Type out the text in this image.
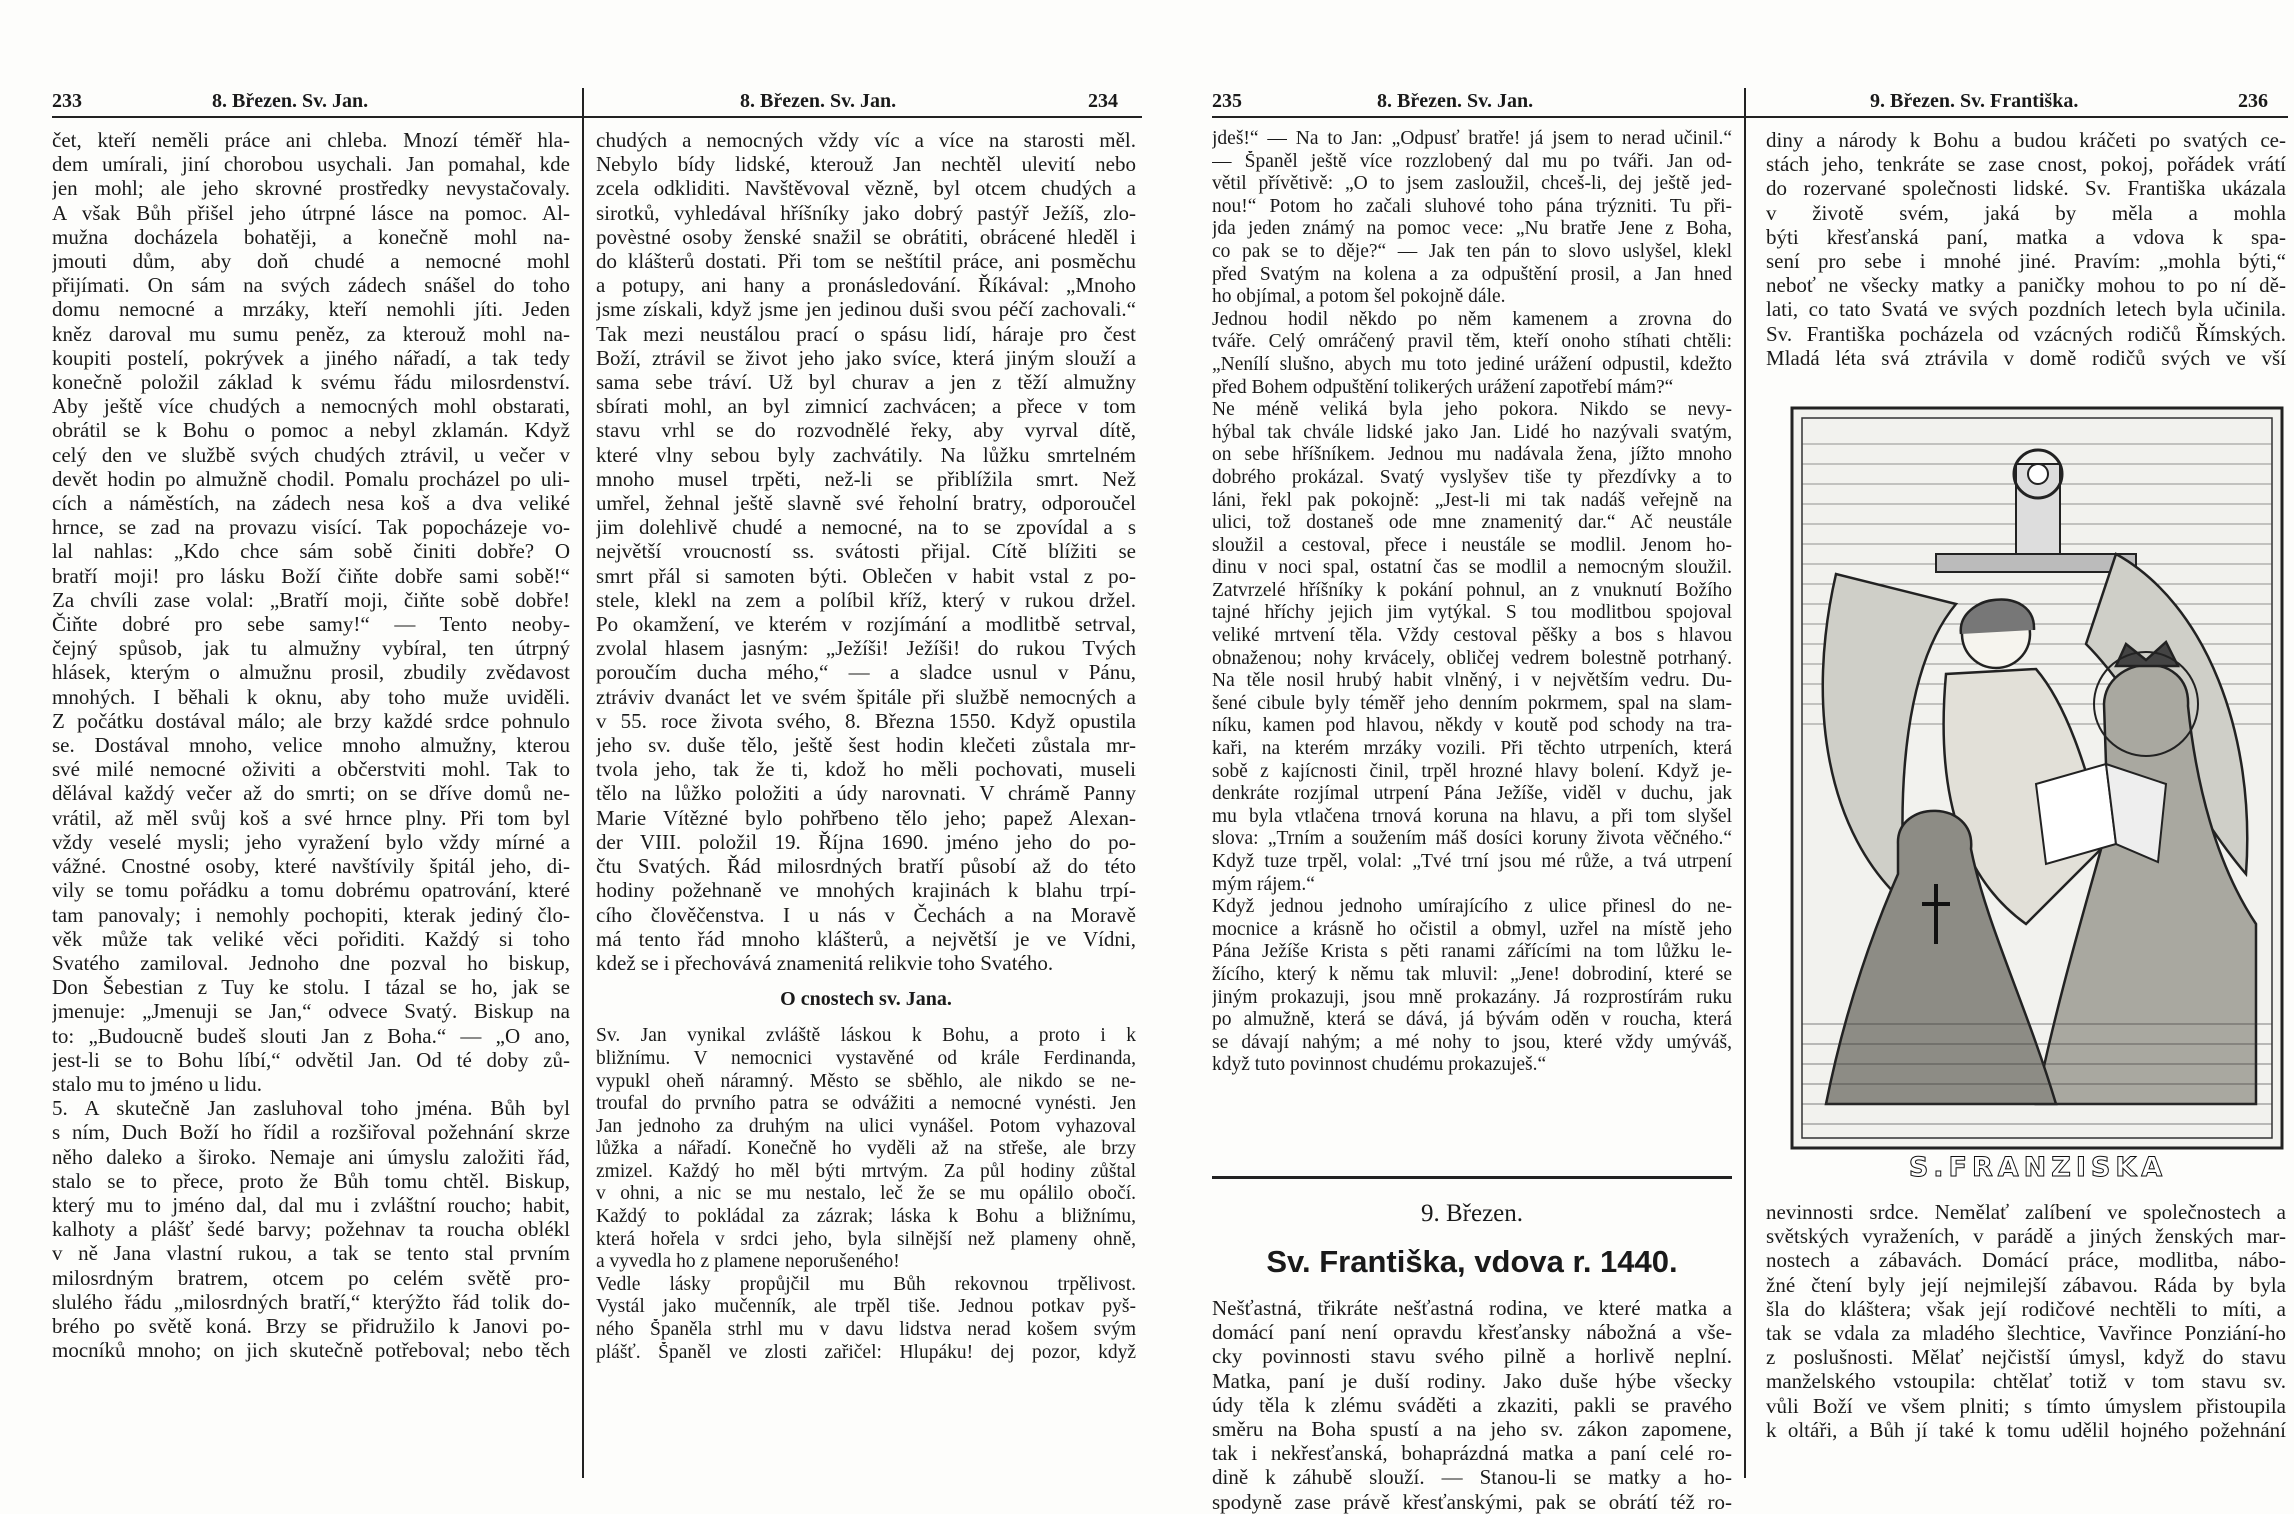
233	8. Březen. Sv. Jan.	8. Březen. Sv. Jan.	234
čet, kteří neměli práce ani chleba. Mnozí téměř hla-
dem umírali, jiní chorobou usychali. Jan pomahal, kde
jen mohl; ale jeho skrovné prostředky nevystačovaly.
A však Bůh přišel jeho útrpné lásce na pomoc. Al-
mužna docházela bohatěji, a konečně mohl na-
jmouti dům, aby doň chudé a nemocné mohl
přijímati. On sám na svých zádech snášel do toho
domu nemocné a mrzáky, kteří nemohli jíti. Jeden
kněz daroval mu sumu peněz, za kterouž mohl na-
koupiti postelí, pokrývek a jiného nářadí, a tak tedy
konečně položil základ k svému řádu milosrdenství.
Aby ještě více chudých a nemocných mohl obstarati,
obrátil se k Bohu o pomoc a nebyl zklamán. Když
celý den ve službě svých chudých ztrávil, u večer v
devět hodin po almužně chodil. Pomalu procházel po uli-
cích a náměstích, na zádech nesa koš a dva veliké
hrnce, se zad na provazu visící. Tak popocházeje vo-
lal nahlas: „Kdo chce sám sobě činiti dobře? O
bratří moji! pro lásku Boží čiňte dobře sami sobě!“
Za chvíli zase volal: „Bratří moji, čiňte sobě dobře!
Čiňte dobré pro sebe samy!“ — Tento neoby-
čejný spůsob, jak tu almužny vybíral, ten útrpný
hlásek, kterým o almužnu prosil, zbudily zvědavost
mnohých. I běhali k oknu, aby toho muže uviděli.
Z počátku dostával málo; ale brzy každé srdce pohnulo
se. Dostával mnoho, velice mnoho almužny, kterou
své milé nemocné oživiti a občerstviti mohl. Tak to
dělával každý večer až do smrti; on se dříve domů ne-
vrátil, až měl svůj koš a své hrnce plny. Při tom byl
vždy veselé mysli; jeho vyražení bylo vždy mírné a
vážné. Cnostné osoby, které navštívily špitál jeho, di-
vily se tomu pořádku a tomu dobrému opatrování, které
tam panovaly; i nemohly pochopiti, kterak jediný člo-
věk může tak veliké věci pořiditi. Každý si toho
Svatého zamiloval. Jednoho dne pozval ho biskup,
Don Šebestian z Tuy ke stolu. I tázal se ho, jak se
jmenuje: „Jmenuji se Jan,“ odvece Svatý. Biskup na
to: „Budoucně budeš slouti Jan z Boha.“ — „O ano,
jest-li se to Bohu líbí,“ odvětil Jan. Od té doby zů-
stalo mu to jméno u lidu.
5. A skutečně Jan zasluhoval toho jména. Bůh byl
s ním, Duch Boží ho řídil a rozšiřoval požehnání skrze
něho daleko a široko. Nemaje ani úmyslu založiti řád,
stalo se to přece, proto že Bůh tomu chtěl. Biskup,
který mu to jméno dal, dal mu i zvláštní roucho; habit,
kalhoty a plášť šedé barvy; požehnav ta roucha oblékl
v ně Jana vlastní rukou, a tak se tento stal prvním
milosrdným bratrem, otcem po celém světě pro-
slulého řádu „milosrdných bratří,“ kterýžto řád tolik do-
brého po světě koná. Brzy se přidružilo k Janovi po-
mocníků mnoho; on jich skutečně potřeboval; nebo těch
chudých a nemocných vždy víc a více na starosti měl.
Nebylo bídy lidské, kterouž Jan nechtěl ulevití nebo
zcela odkliditi. Navštěvoval vězně, byl otcem chudých a
sirotků, vyhledával hříšníky jako dobrý pastýř Ježíš, zlo-
povèstné osoby ženské snažil se obrátiti, obrácené hleděl i
do klášterů dostati. Při tom se neštítil práce, ani posměchu
a potupy, ani hany a pronásledování. Říkával: „Mnoho
jsme získali, když jsme jen jedinou duši svou péčí zachovali.“
Tak mezi neustálou prací o spásu lidí, háraje pro čest
Boží, ztrávil se život jeho jako svíce, která jiným slouží a
sama sebe tráví. Už byl churav a jen z těží almužny
sbírati mohl, an byl zimnicí zachvácen; a přece v tom
stavu vrhl se do rozvodnělé řeky, aby vyrval dítě,
které vlny sebou byly zachvátily. Na lůžku smrtelném
mnoho musel trpěti, než-li se přiblížila smrt. Než
umřel, žehnal ještě slavně své řeholní bratry, odporoučel
jim dolehlivě chudé a nemocné, na to se zpovídal a s
největší vroucností ss. svátosti přijal. Cítě blížiti se
smrt přál si samoten býti. Oblečen v habit vstal z po-
stele, klekl na zem a políbil kříž, který v rukou držel.
Po okamžení, ve kterém v rozjímání a modlitbě setrval,
zvolal hlasem jasným: „Ježíši! Ježíši! do rukou Tvých
poroučím ducha mého,“ — a sladce usnul v Pánu,
ztráviv dvanáct let ve svém špitále při službě nemocných a
v 55. roce života svého, 8. Března 1550. Když opustila
jeho sv. duše tělo, ještě šest hodin klečeti zůstala mr-
tvola jeho, tak že ti, kdož ho měli pochovati, museli
tělo na lůžko položiti a údy narovnati. V chrámě Panny
Marie Vítězné bylo pohřbeno tělo jeho; papež Alexan-
der VIII. položil 19. Října 1690. jméno jeho do po-
čtu Svatých. Řád milosrdných bratří působí až do této
hodiny požehnaně ve mnohých krajinách k blahu trpí-
cího člověčenstva. I u nás v Čechách a na Moravě
má tento řád mnoho klášterů, a největší je ve Vídni,
kdež se i přechovává znamenitá relikvie toho Svatého.
O cnostech sv. Jana.
Sv. Jan vynikal zvláště láskou k Bohu, a proto i k
bližnímu. V nemocnici vystavěné od krále Ferdinanda,
vypukl oheň náramný. Město se sběhlo, ale nikdo se ne-
troufal do prvního patra se odvážiti a nemocné vynésti. Jen
Jan jednoho za druhým na ulici vynášel. Potom vyhazoval
lůžka a nářadí. Konečně ho vyděli až na střeše, ale brzy
zmizel. Každý ho měl býti mrtvým. Za půl hodiny zůštal
v ohni, a nic se mu nestalo, leč že se mu opálilo obočí.
Každý to pokládal za zázrak; láska k Bohu a bližnímu,
která hořela v srdci jeho, byla silnější než plameny ohně,
a vyvedla ho z plamene neporušeného!
Vedle lásky propůjčil mu Bůh rekovnou trpělivost.
Vystál jako mučenník, ale trpěl tiše. Jednou potkav pyš-
ného Španěla strhl mu v davu lidstva nerad košem svým
plášť. Španěl ve zlosti zařičel: Hlupáku! dej pozor, když
235	8. Březen. Sv. Jan.	9. Březen. Sv. Františka.	236
jdeš!“ — Na to Jan: „Odpusť bratře! já jsem to nerad učinil.“
— Španěl ještě více rozzlobený dal mu po tváři. Jan od-
větil přívětivě: „O to jsem zasloužil, chceš-li, dej ještě jed-
nou!“ Potom ho začali sluhové toho pána trýzniti. Tu při-
jda jeden známý na pomoc vece: „Nu bratře Jene z Boha,
co pak se to děje?“ — Jak ten pán to slovo uslyšel, klekl
před Svatým na kolena a za odpuštění prosil, a Jan hned
ho objímal, a potom šel pokojně dále.
Jednou hodil někdo po něm kamenem a zrovna do
tváře. Celý omráčený pravil těm, kteří onoho stíhati chtěli:
„Nenílí slušno, abych mu toto jediné urážení odpustil, kdežto
před Bohem odpuštění tolikerých urážení zapotřebí mám?“
Ne méně veliká byla jeho pokora. Nikdo se nevy-
hýbal tak chvále lidské jako Jan. Lidé ho nazývali svatým,
on sebe hříšníkem. Jednou mu nadávala žena, jížto mnoho
dobrého prokázal. Svatý vyslyšev tiše ty přezdívky a to
láni, řekl pak pokojně: „Jest-li mi tak nadáš veřejně na
ulici, tož dostaneš ode mne znamenitý dar.“ Ač neustále
sloužil a cestoval, přece i neustále se modlil. Jenom ho-
dinu v noci spal, ostatní čas se modlil a nemocným sloužil.
Zatvrzelé hříšníky k pokání pohnul, an z vnuknutí Božího
tajné hříchy jejich jim vytýkal. S tou modlitbou spojoval
veliké mrtvení těla. Vždy cestoval pěšky a bos s hlavou
obnaženou; nohy krvácely, obličej vedrem bolestně potrhaný.
Na těle nosil hrubý habit vlněný, i v největším vedru. Du-
šené cibule byly téměř jeho denním pokrmem, spal na slam-
níku, kamen pod hlavou, někdy v koutě pod schody na tra-
kaři, na kterém mrzáky vozili. Při těchto utrpeních, která
sobě z kajícnosti činil, trpěl hrozné hlavy bolení. Když je-
denkráte rozjímal utrpení Pána Ježíše, viděl v duchu, jak
mu byla vtlačena trnová koruna na hlavu, a při tom slyšel
slova: „Trním a soužením máš dosíci koruny života věčného.“
Když tuze trpěl, volal: „Tvé trní jsou mé růže, a tvá utrpení
mým rájem.“
Když jednou jednoho umírajícího z ulice přinesl do ne-
mocnice a krásně ho očistil a obmyl, uzřel na místě jeho
Pána Ježíše Krista s pěti ranami zářícími na tom lůžku le-
žícího, který k němu tak mluvil: „Jene! dobrodiní, které se
jiným prokazuji, jsou mně prokazány. Já rozprostírám ruku
po almužně, která se dává, já bývám oděn v roucha, která
se dávají nahým; a mé nohy to jsou, které vždy umýváš,
když tuto povinnost chudému prokazuješ.“
9. Březen.
Sv. Františka, vdova r. 1440.
Nešťastná, třikráte nešťastná rodina, ve které matka a
domácí paní není opravdu křesťansky nábožná a vše-
cky povinnosti stavu svého pilně a horlivě neplní.
Matka, paní je duší rodiny. Jako duše hýbe všecky
údy těla k zlému sváděti a zkaziti, pakli se pravého
směru na Boha spustí a na jeho sv. zákon zapomene,
tak i nekřesťanská, bohaprázdná matka a paní celé ro-
dině k záhubě slouží. — Stanou-li se matky a ho-
spodyně zase právě křesťanskými, pak se obrátí též ro-
diny a národy k Bohu a budou kráčeti po svatých ce-
stách jeho, tenkráte se zase cnost, pokoj, pořádek vrátí
do rozervané společnosti lidské. Sv. Františka ukázala
v životě svém, jaká by měla a mohla
býti křesťanská paní, matka a vdova k spa-
sení pro sebe i mnohé jiné. Pravím: „mohla býti,“
neboť ne všecky matky a paničky mohou to po ní dě-
lati, co tato Svatá ve svých pozdních letech byla učinila.
Sv. Františka pocházela od vzácných rodičů Římských.
Mladá léta svá ztrávila v domě rodičů svých ve vší
S.FRANZISKA
nevinnosti srdce. Nemělať zalíbení ve společnostech a
světských vyraženích, v parádě a jiných ženských mar-
nostech a zábavách. Domácí práce, modlitba, nábo-
žné čtení byly její nejmilejší zábavou. Ráda by byla
šla do kláštera; však její rodičové nechtěli to míti, a
tak se vdala za mladého šlechtice, Vavřince Ponziání-ho
z poslušnosti. Mělať nejčistší úmysl, když do stavu
manželského vstoupila: chtělať totiž v tom stavu sv.
vůli Boží ve všem plniti; s tímto úmyslem přistoupila
k oltáři, a Bůh jí také k tomu udělil hojného požehnání
